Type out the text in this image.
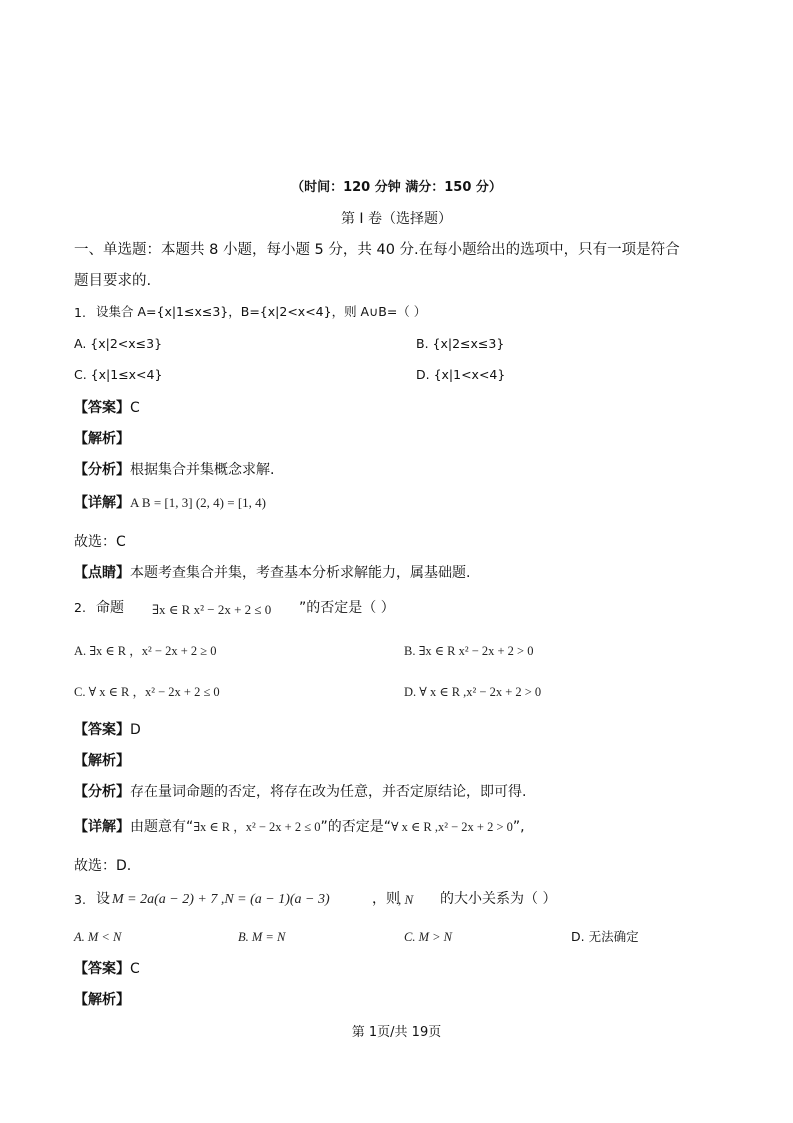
（时间：120 分钟 满分：150 分）
第 I 卷（选择题）
一、单选题：本题共 8 小题，每小题 5 分，共 40 分.在每小题给出的选项中，只有一项是符合
题目要求的.
1. 设集合 A={x|1≤x≤3}，B={x|2<x<4}，则 A∪B=（ ）
A. {x|2<x≤3}	B. {x|2≤x≤3}
C. {x|1≤x<4}	D. {x|1<x<4}
【答案】C
【解析】
【分析】根据集合并集概念求解.
【详解】A B = [1, 3] (2, 4) = [1, 4)
故选：C
【点睛】本题考查集合并集，考查基本分析求解能力，属基础题.
2. 命题 ∃x ∈ R x² − 2x + 2 ≤ 0 ”的否定是（ ）
A. ∃x ∈ R ，x² − 2x + 2 ≥ 0	B. ∃x ∈ R x² − 2x + 2 > 0
C. ∀ x ∈ R ，x² − 2x + 2 ≤ 0	D. ∀ x ∈ R ,x² − 2x + 2 > 0
【答案】D
【解析】
【分析】存在量词命题的否定，将存在改为任意，并否定原结论，即可得.
【详解】由题意有“∃x ∈ R ，x² − 2x + 2 ≤ 0”的否定是“∀ x ∈ R ,x² − 2x + 2 > 0”,
故选：D.
3. 设 M = 2a(a − 2) + 7 ,N = (a − 1)(a − 3)	，则
, N 的大小关系为（ ）
A. M < N	B. M = N	C. M > N	D. 无法确定
【答案】C
【解析】
第 1页/共 19页
